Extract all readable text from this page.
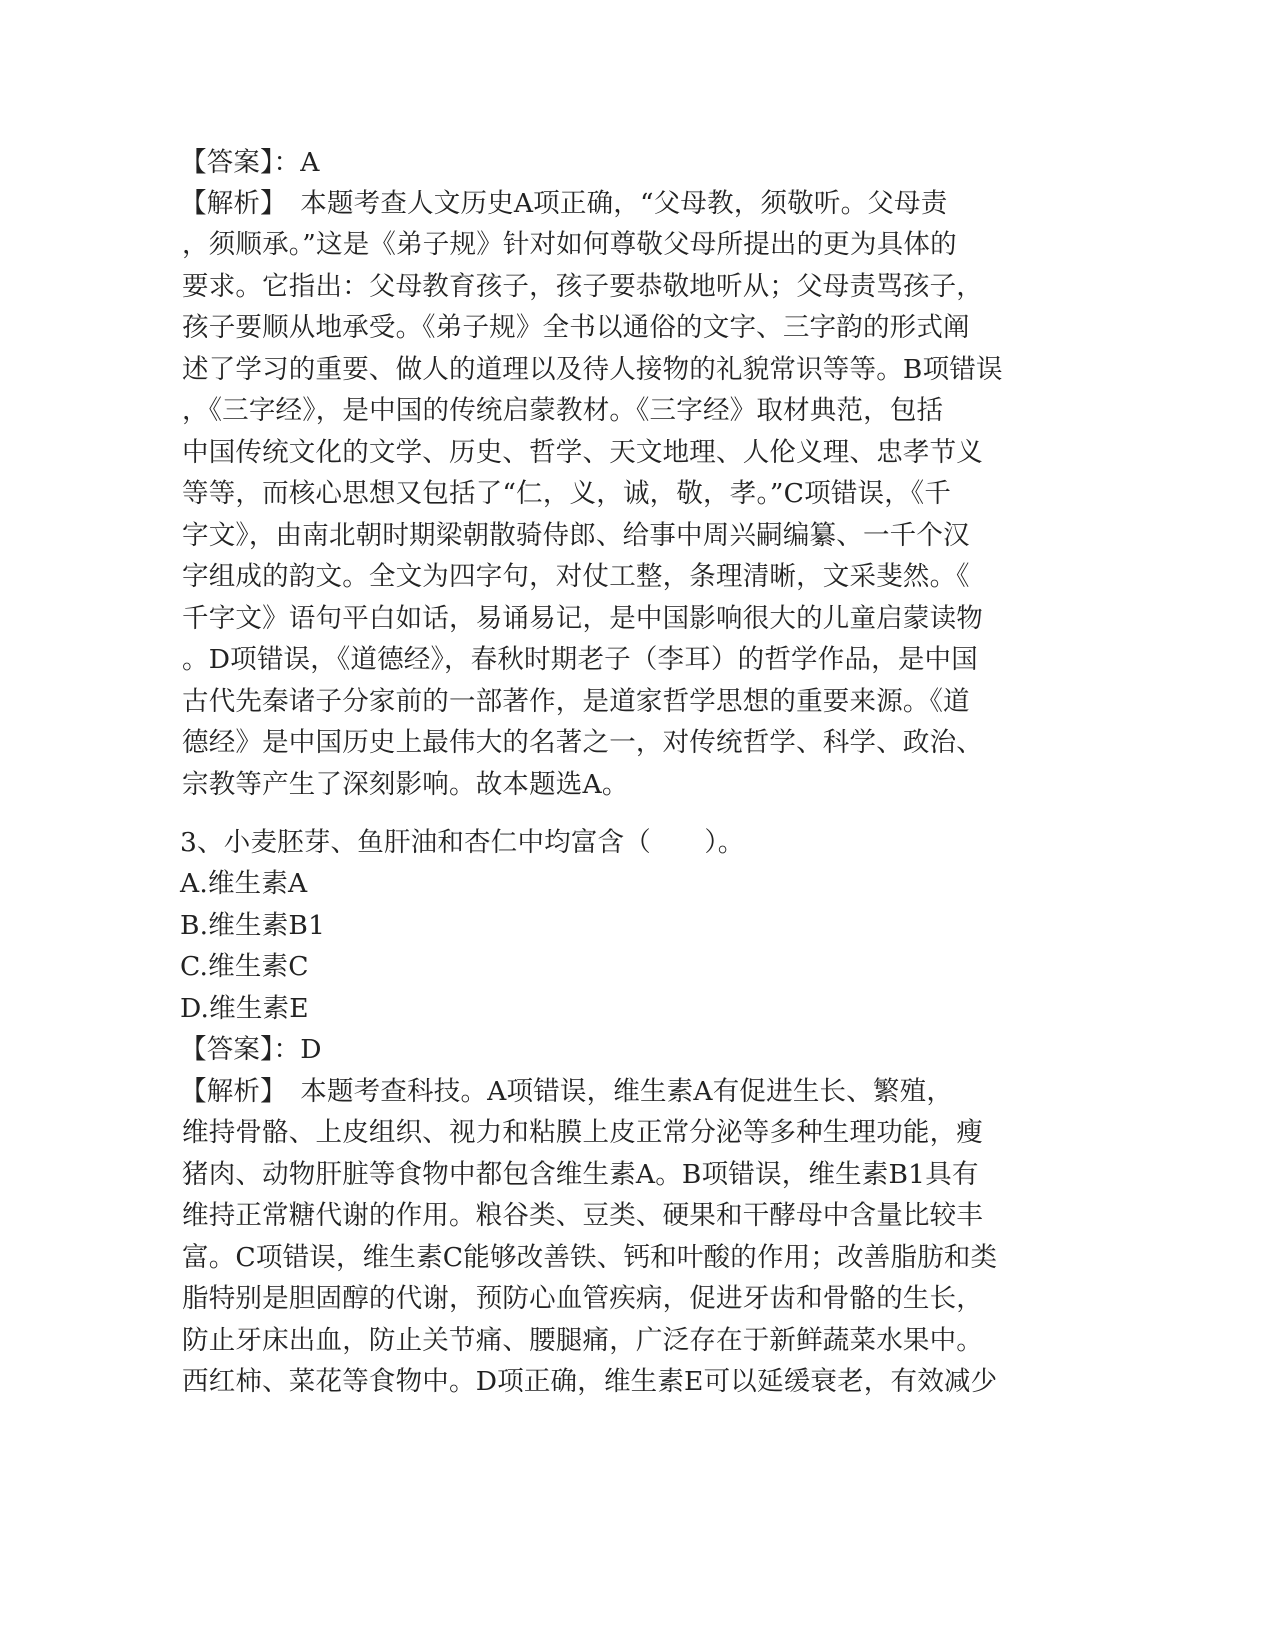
【答案】：A
【解析】　本题考查人文历史A项正确，“父母教，须敬听。父母责
，须顺承。”这是《弟子规》针对如何尊敬父母所提出的更为具体的
要求。它指出：父母教育孩子，孩子要恭敬地听从；父母责骂孩子，
孩子要顺从地承受。《弟子规》全书以通俗的文字、三字韵的形式阐
述了学习的重要、做人的道理以及待人接物的礼貌常识等等。B项错误
，《三字经》，是中国的传统启蒙教材。《三字经》取材典范，包括
中国传统文化的文学、历史、哲学、天文地理、人伦义理、忠孝节义
等等，而核心思想又包括了“仁，义，诚，敬，孝。”C项错误，《千
字文》，由南北朝时期梁朝散骑侍郎、给事中周兴嗣编纂、一千个汉
字组成的韵文。全文为四字句，对仗工整，条理清晰，文采斐然。《
千字文》语句平白如话，易诵易记，是中国影响很大的儿童启蒙读物
。D项错误，《道德经》，春秋时期老子（李耳）的哲学作品，是中国
古代先秦诸子分家前的一部著作，是道家哲学思想的重要来源。《道
德经》是中国历史上最伟大的名著之一，对传统哲学、科学、政治、
宗教等产生了深刻影响。故本题选A。
3、小麦胚芽、鱼肝油和杏仁中均富含（　　）。
A.维生素A
B.维生素B1
C.维生素C
D.维生素E
【答案】：D
【解析】　本题考查科技。A项错误，维生素A有促进生长、繁殖，
维持骨骼、上皮组织、视力和粘膜上皮正常分泌等多种生理功能，瘦
猪肉、动物肝脏等食物中都包含维生素A。B项错误，维生素B1具有
维持正常糖代谢的作用。粮谷类、豆类、硬果和干酵母中含量比较丰
富。C项错误，维生素C能够改善铁、钙和叶酸的作用；改善脂肪和类
脂特别是胆固醇的代谢，预防心血管疾病，促进牙齿和骨骼的生长，
防止牙床出血，防止关节痛、腰腿痛，广泛存在于新鲜蔬菜水果中。
西红柿、菜花等食物中。D项正确，维生素E可以延缓衰老，有效减少
